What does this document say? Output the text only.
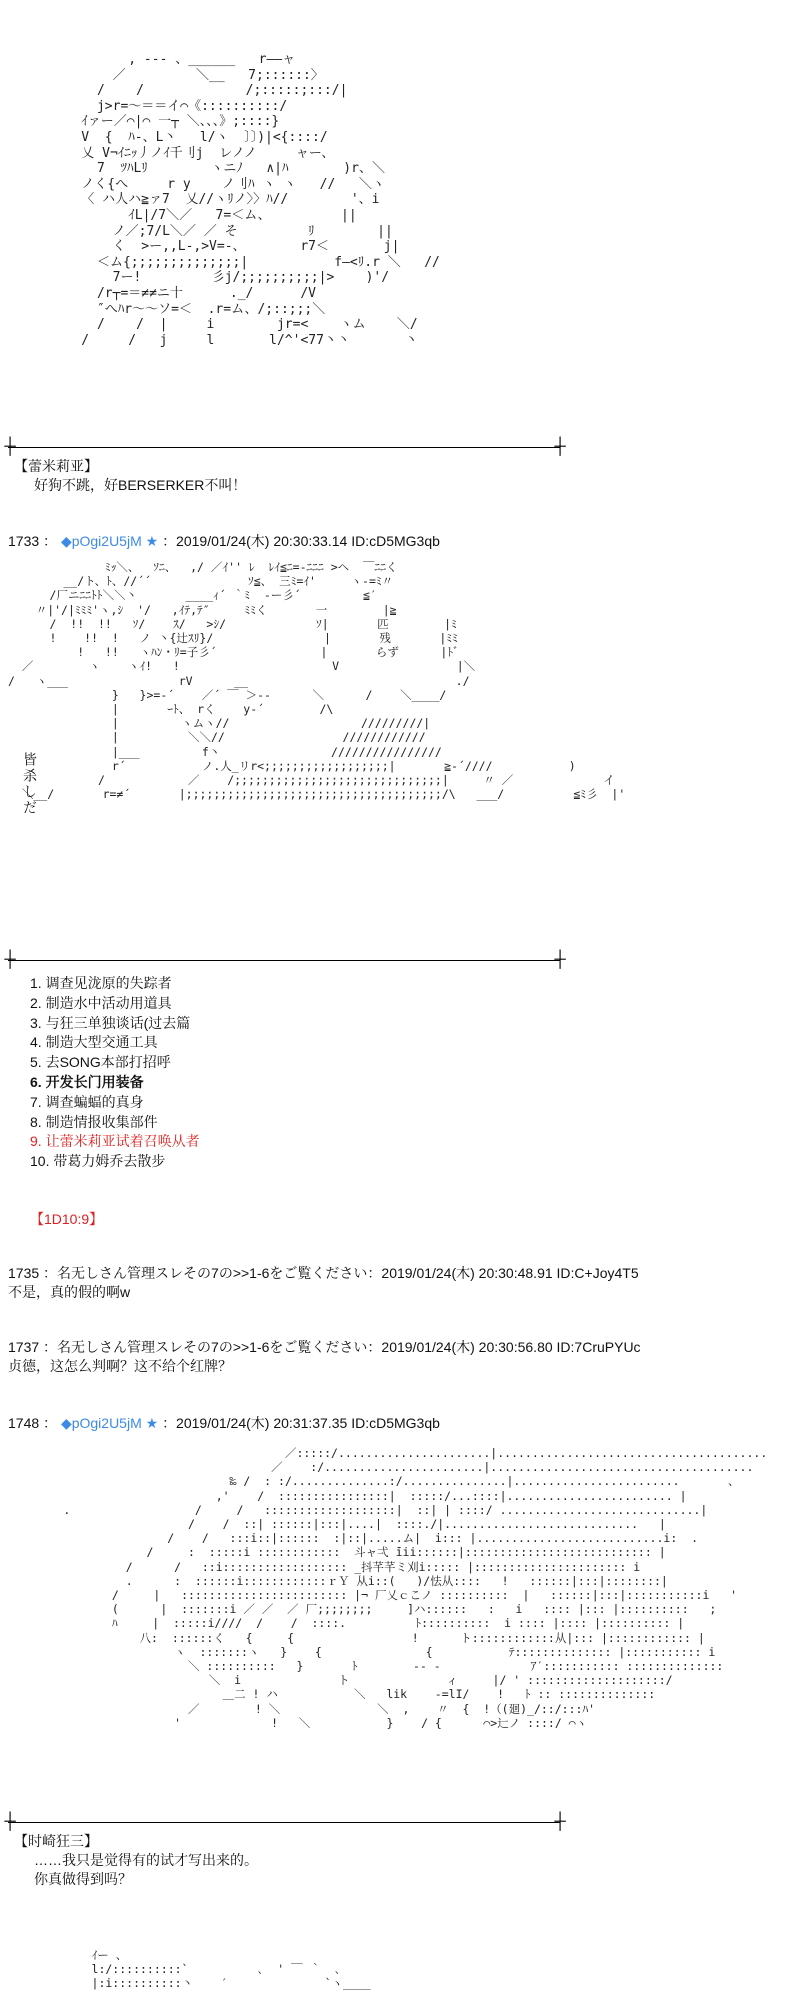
, --- 、______   r――ャ
／         ＼__   7;::::::〉
/    /             /;:::::;:::/|
j>r=～＝＝イ⌒《::::::::::/
ｲァー／⌒|⌒ 一┬ ＼、、、》;::::}
V  {  ﾊ-、L丶   l/ヽ  〕〕)|<{::::/
乂 V¬ｲﾆｯ丿ノｲ千刂j  レノノ     ャー、
7  ﾂﾊLﾘ        ヽニﾉ   ∧|ﾊ       )r、＼
ノく{へ     r y    ノ刂ﾊ ヽ ヽ   //   ＼ヽ
〈 ハ人ハ≧ァ7  乂//ヽﾘノ〉〉ﾊ//        '、i
ｲL|/7＼／   7=＜ム、         ||
ノ／;7/L＼／ ／ そ         ﾘ        ||
く  >ー,,L-,>V=-、       r7＜       j|
＜ム{;;;;;;;;;;;;;;|           f―<ﾘ.r ＼   //
7ー!         彡j/;;;;;;;;;;|>    )'/
/r┬=＝≠≠ニ十      ._/      /V
″へﾊr～～ソ=＜  .r=ム、/;::;;;＼
/    /  |     i        jr=<    ヽム    ＼/
/     /   j     l       l/^'<77丶丶       丶
┼	┼
【蕾米莉亚】
好狗不跳，好BERSERKER不叫！
1733 ： ◆pOgi2U5jM ★ ：2019/01/24(木) 20:30:33.14 ID:cD5MG3qb
ﾐｯ＼、  ｿﾆ、  ,/ ／ｲ'' ﾚ  ﾚｲ≦ﾆ=-ﾆﾆﾆ >ヘ  ￣ﾆﾆく
__/ト、ﾄ、//´´              ｿ≦、 三ﾐ=ｲ'     ヽ-=ﾐ〃
/厂ニﾆﾆﾄﾄ＼＼丶       ____ｨ´ ｀ﾐ  -ー彡´         ≦′
〃|'/|ﾐﾐﾐ'ヽ,ｼ  '/   ,ｲﾃ,ﾃ″     ﾐﾐく       一        |≧
/  !!  !!   ｿ/    ｽ/   >ｼ/             ｿ|       匹        |ﾐ
!    !!  !   ノ 丶{辻ｽﾘ}/                |       残       |ﾐﾐ
!   !!   ヽﾊﾝ・ﾘ=子彡´               |       らず      |ﾄﾞ
／        ヽ    ヽｲ!   !                      V                 |＼
/   ヽ___                rV      __                              ./
}   }>=-´    ／´ ￣ ＞--      ＼      /    ＼____/
|       ｰﾄ、 rく    y-´        /\
|         ヽムヽ//                   /////////|
|          ＼＼//                 ////////////
|___         f丶                ////////////////
r´           ノ.人_リr<;;;;;;;;;;;;;;;;;;|       ≧-´////           )
/            ／    /;;;;;;;;;;;;;;;;;;;;;;;;;;;;;;|     〃 ／             イ
＼__/       r=≠´       |;;;;;;;;;;;;;;;;;;;;;;;;;;;;;;;;;;;;;/\   ___/          ≦ﾐ彡  |'
皆杀しだ
┼	┼
1. 调查见泷原的失踪者
2. 制造水中活动用道具
3. 与狂三单独谈话(过去篇
4. 制造大型交通工具
5. 去SONG本部打招呼
6. 开发长门用装备
7. 调查蝙蝠的真身
8. 制造情报收集部件
9. 让蕾米莉亚试着召唤从者
10. 带葛力姆乔去散步
【1D10:9】
1735 ：名无しさん管理スレその7の>>1-6をご覧ください：2019/01/24(木) 20:30:48.91 ID:C+Joy4T5
不是，真的假的啊w
1737 ：名无しさん管理スレその7の>>1-6をご覧ください：2019/01/24(木) 20:30:56.80 ID:7CruPYUc
贞德，这怎么判啊？这不给个红牌？
1748 ： ◆pOgi2U5jM ★ ：2019/01/24(木) 20:31:37.35 ID:cD5MG3qb
／:::::/......................|.......................................
／    :/.......................|......................................
‰ /  : :/..............:/...............|........................       、
,'    /  ::::::::::::::::|  :::::/...::::|........................ |
.                  /     /   :::::::::::::::::::|  ::| | ::::/ .............................|
/    /  ::| ::::::|:::|....|  ::::./|............................   |
/    /   :::i::|::::::  :|::|.....ム|  i::: |...........................i:  .
/     :  :::::i ::::::::::::  斗ャ弌 ̄iii::::::|::::::::::::::::::::::::::: |
/      /   ::i:::::::::::::::::: _抖芊芊ミ刈i::::: |:::::::::::::::::::::: i
.      :  ::::::i::::::::::::ｒＹ 从i::(   )/怯从::::   !   ::::::|:::|::::::::|
/     |   :::::::::::::::::::::::: |¬ 厂乂ｃこノ ::::::::::  |   ::::::|:::|:::::::::::i   '
(      |  :::::::i ／ ／  ／ 厂;;;;;;;;     ]ハ::::::   :   i   :::: |::: |::::::::::   ;
ﾊ     |  :::::i////  /    /  ::::.          ﾄ::::::::::  i :::: |:::: |:::::::::: |
八:  ::::::く   {     {                 !      ト::::::::::::从|::: |:::::::::::: |
ヽ  :::::::ヽ   }    {               {           ﾃ:::::::::::::: |::::::::::: i
＼ ::::::::::   }       ﾄ        -- -             ｱ′::::::::::: ::::::::::::::
＼  i              ト              ィ     |/ ' ::::::::::::::::::::/
＿二 ! ハ           ＼   lik    -=lI/    !   ﾄ :: ::::::::::::::
／        ! ＼              ＼  ,    〃  {  !（(廻)_/::/:::ﾊ'
'             !   ＼           }    / {      ⌒>辷ノ ::::/ ⌒ヽ
┼	┼
【时崎狂三】
……我只是觉得有的试才写出来的。
你真做得到吗？
ｲー 、
l:/::::::::::`          ､  ' ￣ ｀  ､
|:i::::::::::丶    ′              `ヽ____
